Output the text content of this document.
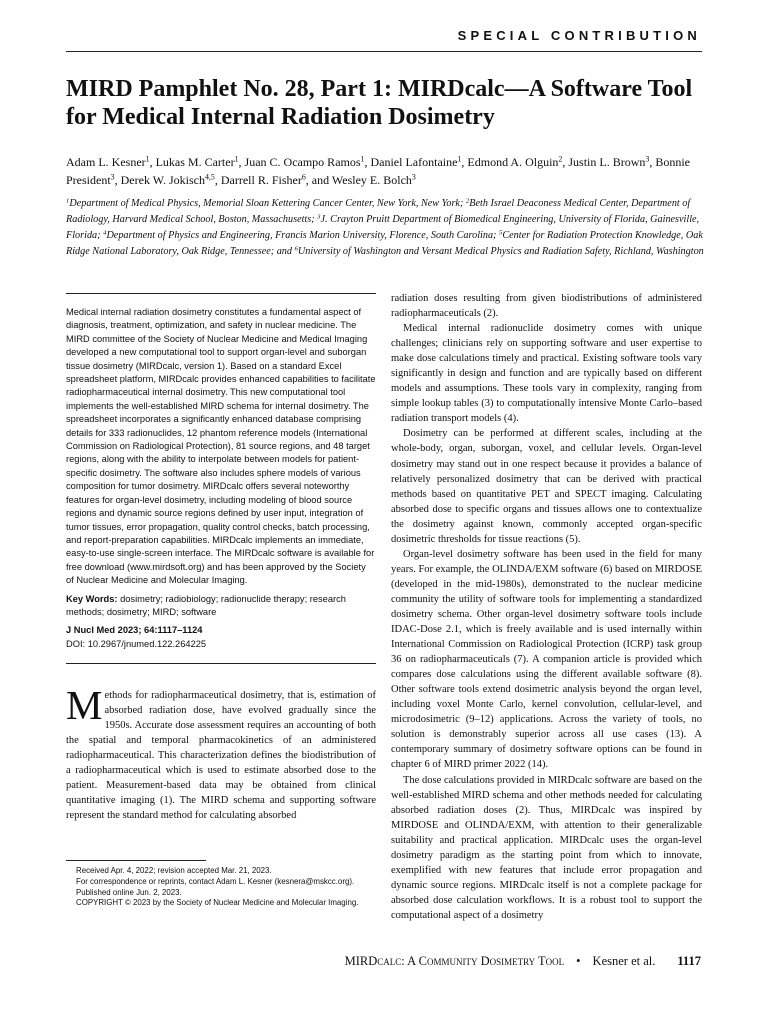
SPECIAL CONTRIBUTION
MIRD Pamphlet No. 28, Part 1: MIRDcalc—A Software Tool for Medical Internal Radiation Dosimetry
Adam L. Kesner$^1$, Lukas M. Carter$^1$, Juan C. Ocampo Ramos$^1$, Daniel Lafontaine$^1$, Edmond A. Olguin$^2$, Justin L. Brown$^3$, Bonnie President$^3$, Derek W. Jokisch$^{4,5}$, Darrell R. Fisher$^6$, and Wesley E. Bolch$^3$
$^1$Department of Medical Physics, Memorial Sloan Kettering Cancer Center, New York, New York; $^2$Beth Israel Deaconess Medical Center, Department of Radiology, Harvard Medical School, Boston, Massachusetts; $^3$J. Crayton Pruitt Department of Biomedical Engineering, University of Florida, Gainesville, Florida; $^4$Department of Physics and Engineering, Francis Marion University, Florence, South Carolina; $^5$Center for Radiation Protection Knowledge, Oak Ridge National Laboratory, Oak Ridge, Tennessee; and $^6$University of Washington and Versant Medical Physics and Radiation Safety, Richland, Washington

Medical internal radiation dosimetry constitutes a fundamental aspect of diagnosis, treatment, optimization, and safety in nuclear medicine. The MIRD committee of the Society of Nuclear Medicine and Medical Imaging developed a new computational tool to support organ-level and suborgan tissue dosimetry (MIRDcalc, version 1). Based on a standard Excel spreadsheet platform, MIRDcalc provides enhanced capabilities to facilitate radiopharmaceutical internal dosimetry. This new computational tool implements the well-established MIRD schema for internal dosimetry. The spreadsheet incorporates a significantly enhanced database comprising details for 333 radionuclides, 12 phantom reference models (International Commission on Radiological Protection), 81 source regions, and 48 target regions, along with the ability to interpolate between models for patient-specific dosimetry. The software also includes sphere models of various composition for tumor dosimetry. MIRDcalc offers several noteworthy features for organ-level dosimetry, including modeling of blood source regions and dynamic source regions defined by user input, integration of tumor tissues, error propagation, quality control checks, batch processing, and report-preparation capabilities. MIRDcalc implements an immediate, easy-to-use single-screen interface. The MIRDcalc software is available for free download (www.mirdsoft.org) and has been approved by the Society of Nuclear Medicine and Molecular Imaging.

Key Words: dosimetry; radiobiology; radionuclide therapy; research methods; dosimetry; MIRD; software

J Nucl Med 2023; 64:1117–1124
DOI: 10.2967/jnumed.122.264225

Methods for radiopharmaceutical dosimetry, that is, estimation of absorbed radiation dose, have evolved gradually since the 1950s. Accurate dose assessment requires an accounting of both the spatial and temporal pharmacokinetics of an administered radiopharmaceutical. This characterization defines the biodistribution of a radiopharmaceutical which is used to estimate absorbed dose to the patient. Measurement-based data may be obtained from clinical quantitative imaging (1). The MIRD schema and supporting software represent the standard method for calculating absorbed

Received Apr. 4, 2022; revision accepted Mar. 21, 2023.

For correspondence or reprints, contact Adam L. Kesner (kesnera@mskcc.org).

Published online Jun. 2, 2023.

COPYRIGHT © 2023 by the Society of Nuclear Medicine and Molecular Imaging.

radiation doses resulting from given biodistributions of administered radiopharmaceuticals (2).

Medical internal radionuclide dosimetry comes with unique challenges; clinicians rely on supporting software and user expertise to make dose calculations timely and practical. Existing software tools vary significantly in design and function and are typically based on different models and assumptions. These tools vary in complexity, ranging from simple lookup tables (3) to computationally intensive Monte Carlo–based radiation transport models (4).

Dosimetry can be performed at different scales, including at the whole-body, organ, suborgan, voxel, and cellular levels. Organ-level dosimetry may stand out in one respect because it provides a balance of relatively personalized dosimetry that can be derived with practical methods based on quantitative PET and SPECT imaging. Calculating absorbed dose to specific organs and tissues allows one to contextualize the dosimetry against known, commonly accepted organ-specific dosimetric thresholds for tissue reactions (5).

Organ-level dosimetry software has been used in the field for many years. For example, the OLINDA/EXM software (6) based on MIRDOSE (developed in the mid-1980s), demonstrated to the nuclear medicine community the utility of software tools for implementing a standardized dosimetry schema. Other organ-level dosimetry software tools include IDAC-Dose 2.1, which is freely available and is used internally within International Commission on Radiological Protection (ICRP) task group 36 on radiopharmaceuticals (7). A companion article is provided which compares dose calculations using the different available software (8). Other software tools extend dosimetric analysis beyond the organ level, including voxel Monte Carlo, kernel convolution, cellular-level, and microdosimetric (9–12) applications. Across the variety of tools, no solution is demonstrably superior across all use cases (13). A contemporary summary of dosimetry software options can be found in chapter 6 of MIRD primer 2022 (14).

The dose calculations provided in MIRDcalc software are based on the well-established MIRD schema and other methods needed for calculating absorbed radiation doses (2). Thus, MIRDcalc was inspired by MIRDOSE and OLINDA/EXM, with attention to their generalizable suitability and practical application. MIRDcalc uses the organ-level dosimetry paradigm as the starting point from which to innovate, exemplified with new features that include error propagation and dynamic source regions. MIRDcalc itself is not a complete package for absorbed dose calculation workflows. It is a robust tool to support the computational aspect of a dosimetry

MIRDcalc: A Community Dosimetry Tool • Kesner et al. 1117
